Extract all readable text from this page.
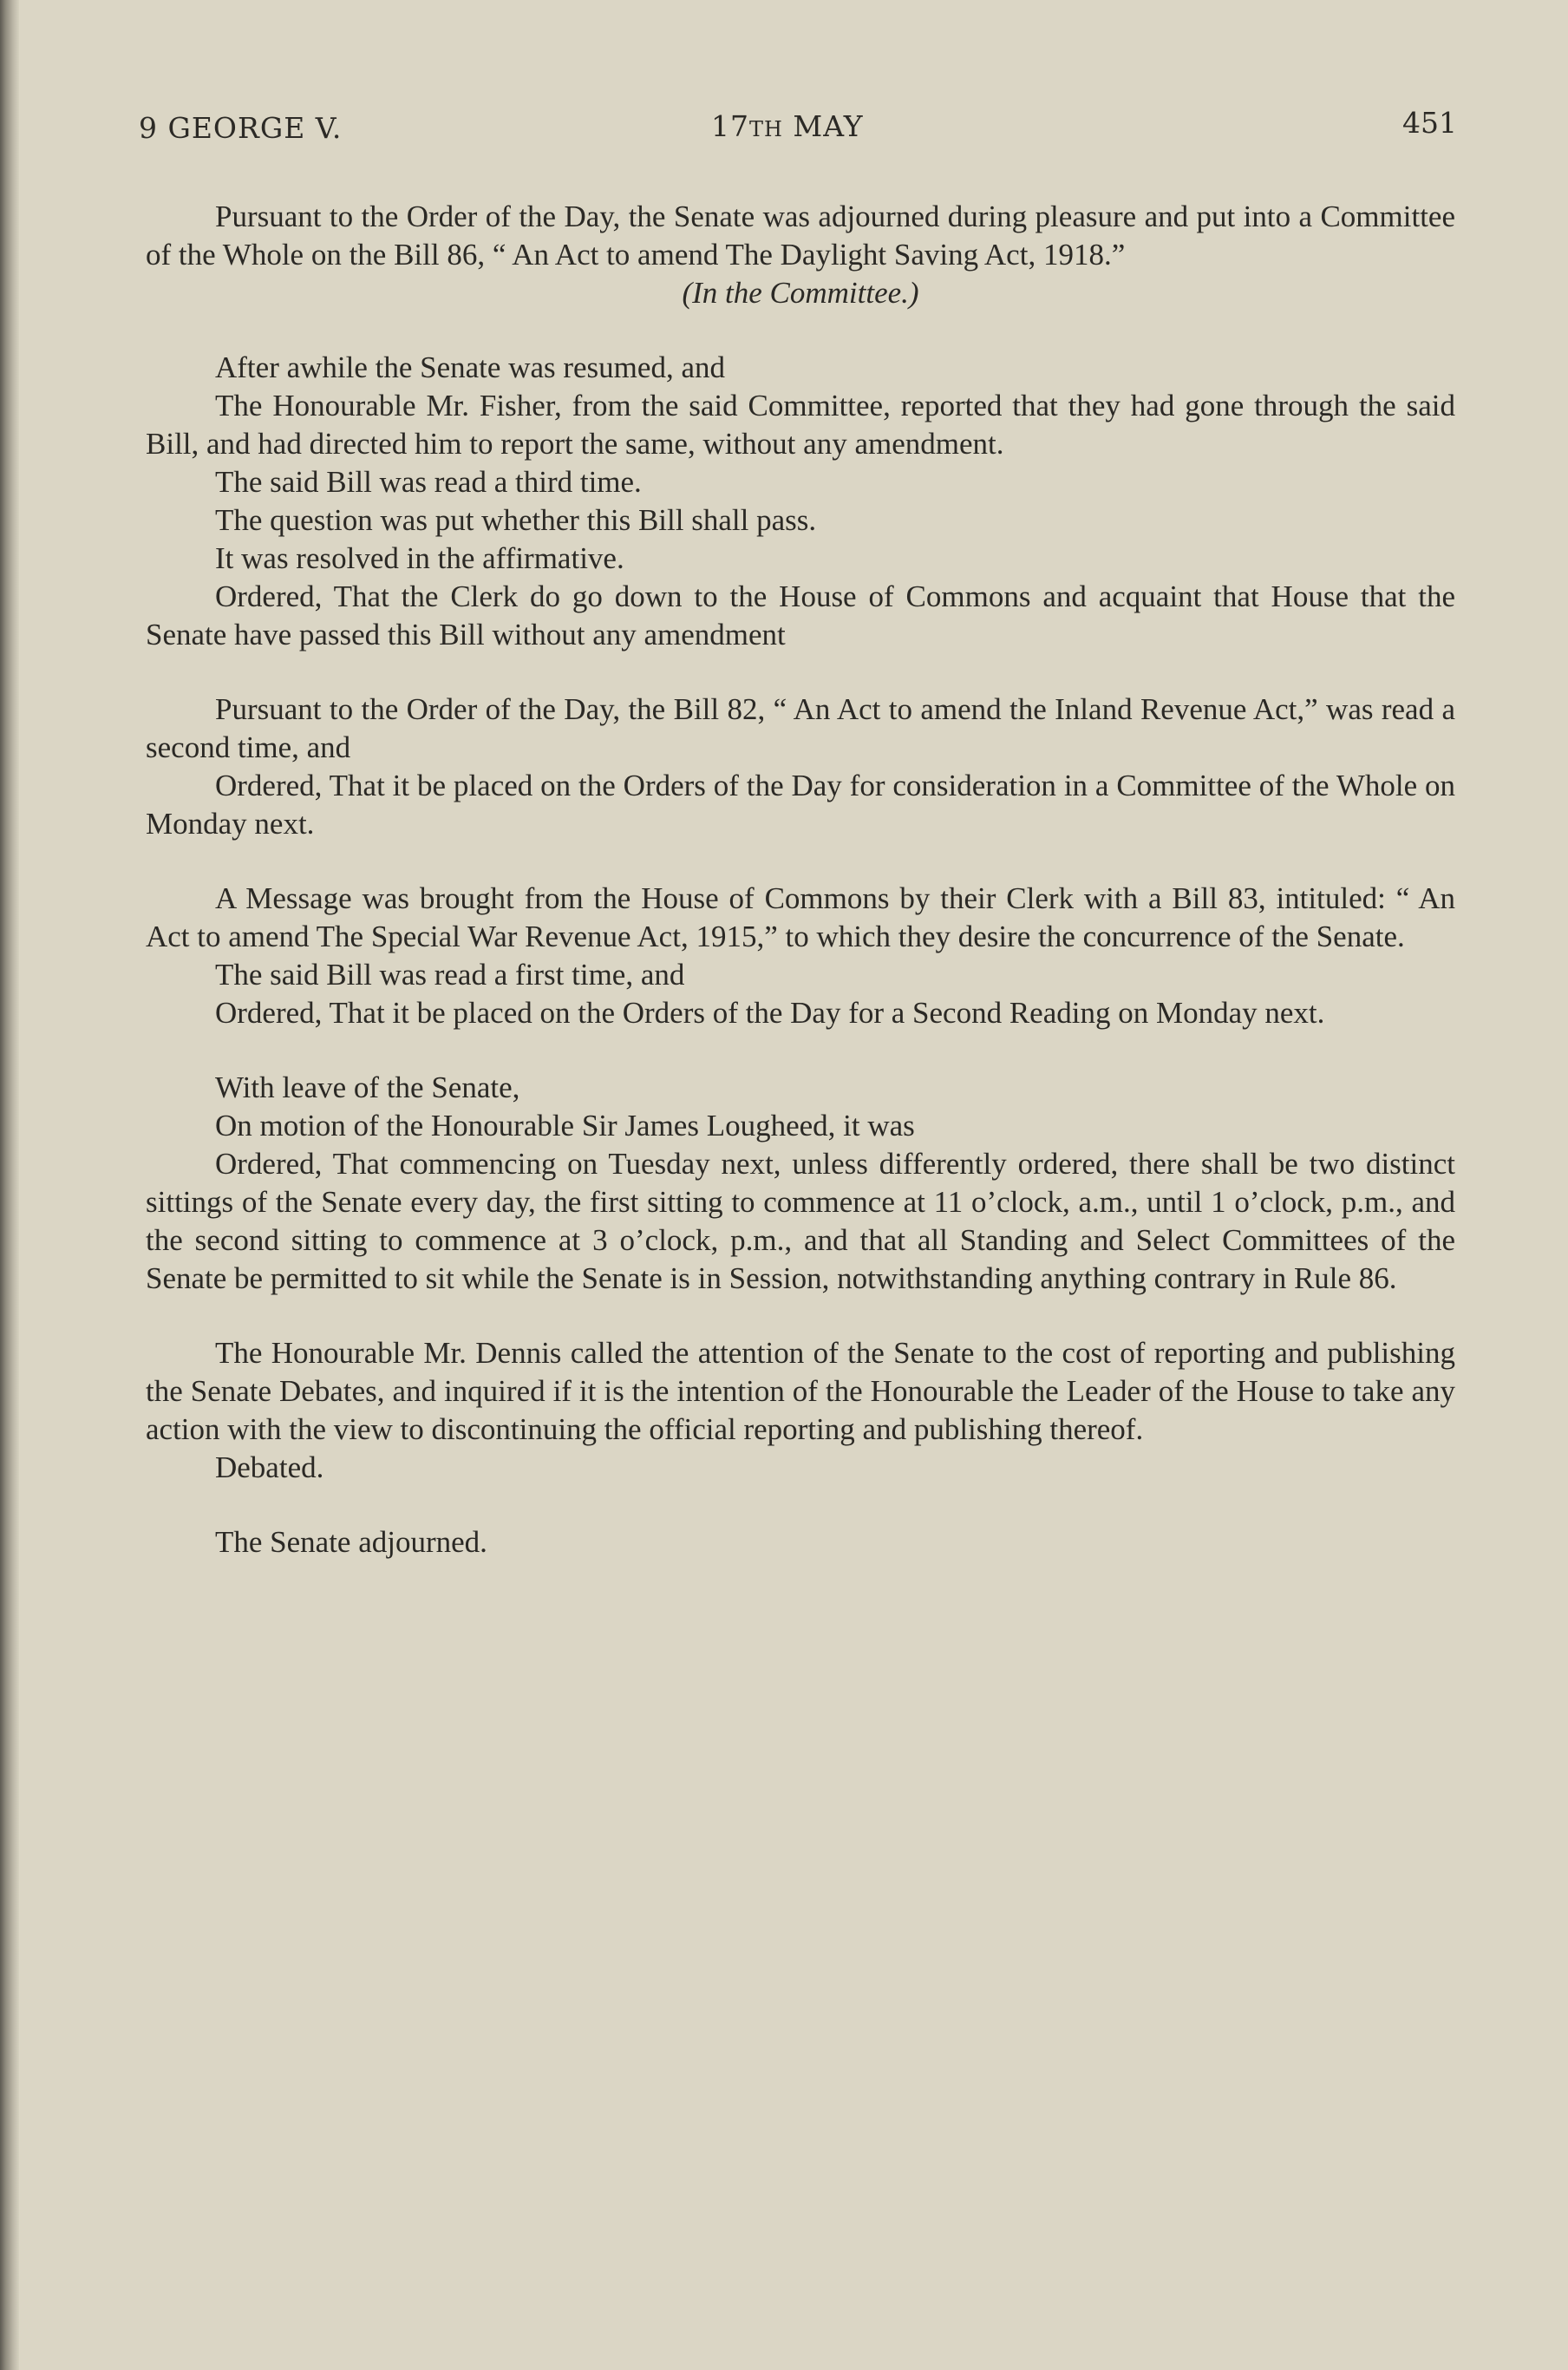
9 GEORGE V.	17TH MAY	451

Pursuant to the Order of the Day, the Senate was adjourned during pleasure and put into a Committee of the Whole on the Bill 86, “ An Act to amend The Daylight Saving Act, 1918.”

(In the Committee.)

After awhile the Senate was resumed, and

The Honourable Mr. Fisher, from the said Committee, reported that they had gone through the said Bill, and had directed him to report the same, without any amendment.

The said Bill was read a third time.

The question was put whether this Bill shall pass.

It was resolved in the affirmative.

Ordered, That the Clerk do go down to the House of Commons and acquaint that House that the Senate have passed this Bill without any amendment

Pursuant to the Order of the Day, the Bill 82, “ An Act to amend the Inland Revenue Act,” was read a second time, and

Ordered, That it be placed on the Orders of the Day for consideration in a Committee of the Whole on Monday next.

A Message was brought from the House of Commons by their Clerk with a Bill 83, intituled: “ An Act to amend The Special War Revenue Act, 1915,” to which they desire the concurrence of the Senate.

The said Bill was read a first time, and

Ordered, That it be placed on the Orders of the Day for a Second Reading on Monday next.

With leave of the Senate,

On motion of the Honourable Sir James Lougheed, it was

Ordered, That commencing on Tuesday next, unless differently ordered, there shall be two distinct sittings of the Senate every day, the first sitting to commence at 11 o’clock, a.m., until 1 o’clock, p.m., and the second sitting to commence at 3 o’clock, p.m., and that all Standing and Select Committees of the Senate be permitted to sit while the Senate is in Session, notwithstanding anything contrary in Rule 86.

The Honourable Mr. Dennis called the attention of the Senate to the cost of reporting and publishing the Senate Debates, and inquired if it is the intention of the Honourable the Leader of the House to take any action with the view to discontinuing the official reporting and publishing thereof.

Debated.

The Senate adjourned.
